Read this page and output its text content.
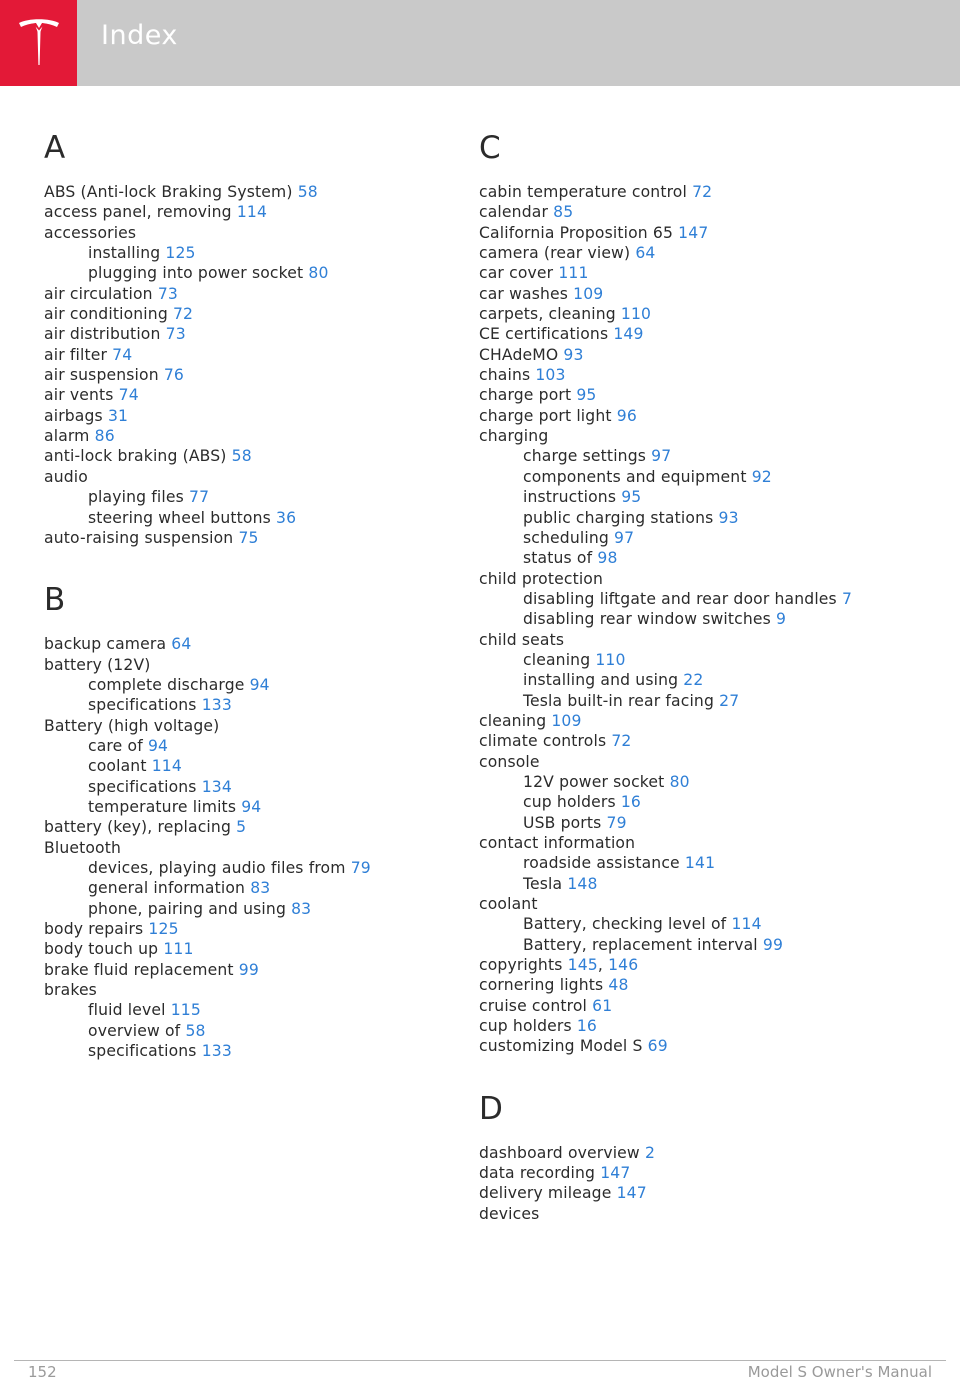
Index
A
ABS (Anti-lock Braking System) 58
access panel, removing 114
accessories
installing 125
plugging into power socket 80
air circulation 73
air conditioning 72
air distribution 73
air filter 74
air suspension 76
air vents 74
airbags 31
alarm 86
anti-lock braking (ABS) 58
audio
playing files 77
steering wheel buttons 36
auto-raising suspension 75
B
backup camera 64
battery (12V)
complete discharge 94
specifications 133
Battery (high voltage)
care of 94
coolant 114
specifications 134
temperature limits 94
battery (key), replacing 5
Bluetooth
devices, playing audio files from 79
general information 83
phone, pairing and using 83
body repairs 125
body touch up 111
brake fluid replacement 99
brakes
fluid level 115
overview of 58
specifications 133
C
cabin temperature control 72
calendar 85
California Proposition 65 147
camera (rear view) 64
car cover 111
car washes 109
carpets, cleaning 110
CE certifications 149
CHAdeMO 93
chains 103
charge port 95
charge port light 96
charging
charge settings 97
components and equipment 92
instructions 95
public charging stations 93
scheduling 97
status of 98
child protection
disabling liftgate and rear door handles 7
disabling rear window switches 9
child seats
cleaning 110
installing and using 22
Tesla built-in rear facing 27
cleaning 109
climate controls 72
console
12V power socket 80
cup holders 16
USB ports 79
contact information
roadside assistance 141
Tesla 148
coolant
Battery, checking level of 114
Battery, replacement interval 99
copyrights 145, 146
cornering lights 48
cruise control 61
cup holders 16
customizing Model S 69
D
dashboard overview 2
data recording 147
delivery mileage 147
devices
152	Model S Owner's Manual
